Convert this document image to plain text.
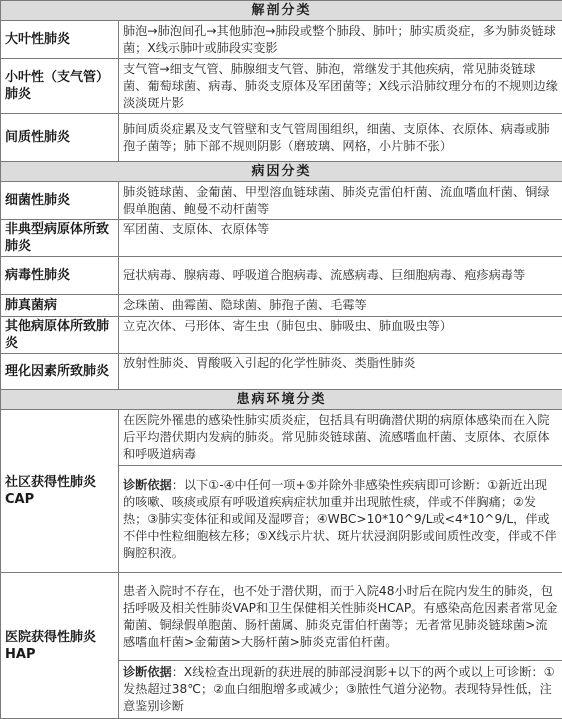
解剖分类	
大叶性肺炎	肺泡→肺泡间孔→其他肺泡→肺段或整个肺段、肺叶；肺实质炎症，多为肺炎链球菌；X线示肺叶或肺段实变影
小叶性（支气管）肺炎	支气管→细支气管、肺腺细支气管、肺泡，常继发于其他疾病，常见肺炎链球菌、葡萄球菌、病毒、肺炎支原体及军团菌等；X线示沿肺纹理分布的不规则边缘淡淡斑片影
间质性肺炎	肺间质炎症累及支气管壁和支气管周围组织，细菌、支原体、衣原体、病毒或肺孢子菌等；肺下部不规则阴影（磨玻璃、网格，小片肺不张）
病因分类	
细菌性肺炎	肺炎链球菌、金葡菌、甲型溶血链球菌、肺炎克雷伯杆菌、流血嗜血杆菌、铜绿假单胞菌、鲍曼不动杆菌等
非典型病原体所致肺炎	军团菌、支原体、衣原体等
病毒性肺炎	冠状病毒、腺病毒、呼吸道合胞病毒、流感病毒、巨细胞病毒、疱疹病毒等
肺真菌病	念珠菌、曲霉菌、隐球菌、肺孢子菌、毛霉等
其他病原体所致肺炎	立克次体、弓形体、寄生虫（肺包虫、肺吸虫、肺血吸虫等）
理化因素所致肺炎	放射性肺炎、胃酸吸入引起的化学性肺炎、类脂性肺炎
患病环境分类	
社区获得性肺炎 CAP	在医院外罹患的感染性肺实质炎症，包括具有明确潜伏期的病原体感染而在入院后平均潜伏期内发病的肺炎。常见肺炎链球菌、流感嗜血杆菌、支原体、衣原体和呼吸道病毒
	诊断依据：以下①-④中任何一项+⑤并除外非感染性疾病即可诊断：①新近出现的咳嗽、咳痰或原有呼吸道疾病症状加重并出现脓性痰，伴或不伴胸痛；②发热；③肺实变体征和或闻及湿啰音；④WBC>10*10^9/L或<4*10^9/L，伴或不伴中性粒细胞核左移；⑤X线示片状、斑片状浸润阴影或间质性改变，伴或不伴胸腔积液。
医院获得性肺炎 HAP	患者入院时不存在，也不处于潜伏期，而于入院48小时后在院内发生的肺炎，包括呼吸及相关性肺炎VAP和卫生保健相关性肺炎HCAP。有感染高危因素者常见金葡菌、铜绿假单胞菌、肠杆菌属、肺炎克雷伯杆菌等；无者常见肺炎链球菌>流感嗜血杆菌>金葡菌>大肠杆菌>肺炎克雷伯杆菌。
	诊断依据：X线检查出现新的获进展的肺部浸润影+以下的两个或以上可诊断：①发热超过38℃；②血白细胞增多或减少；③脓性气道分泌物。表现特异性低，注意鉴别诊断
